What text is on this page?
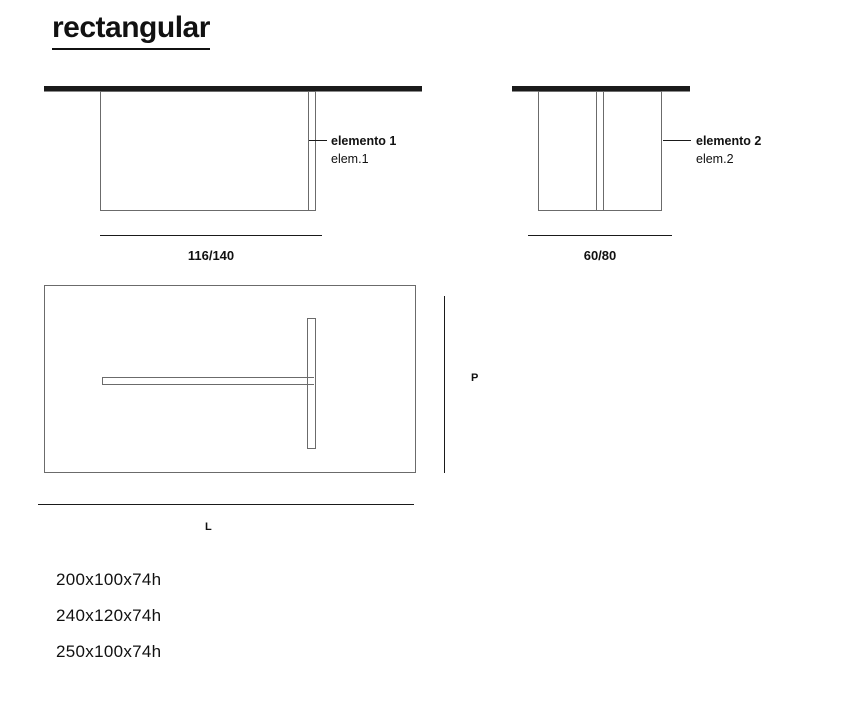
rectangular
elemento 1
elem.1
116/140
elemento 2
elem.2
60/80
P
L
200x100x74h
240x120x74h
250x100x74h
